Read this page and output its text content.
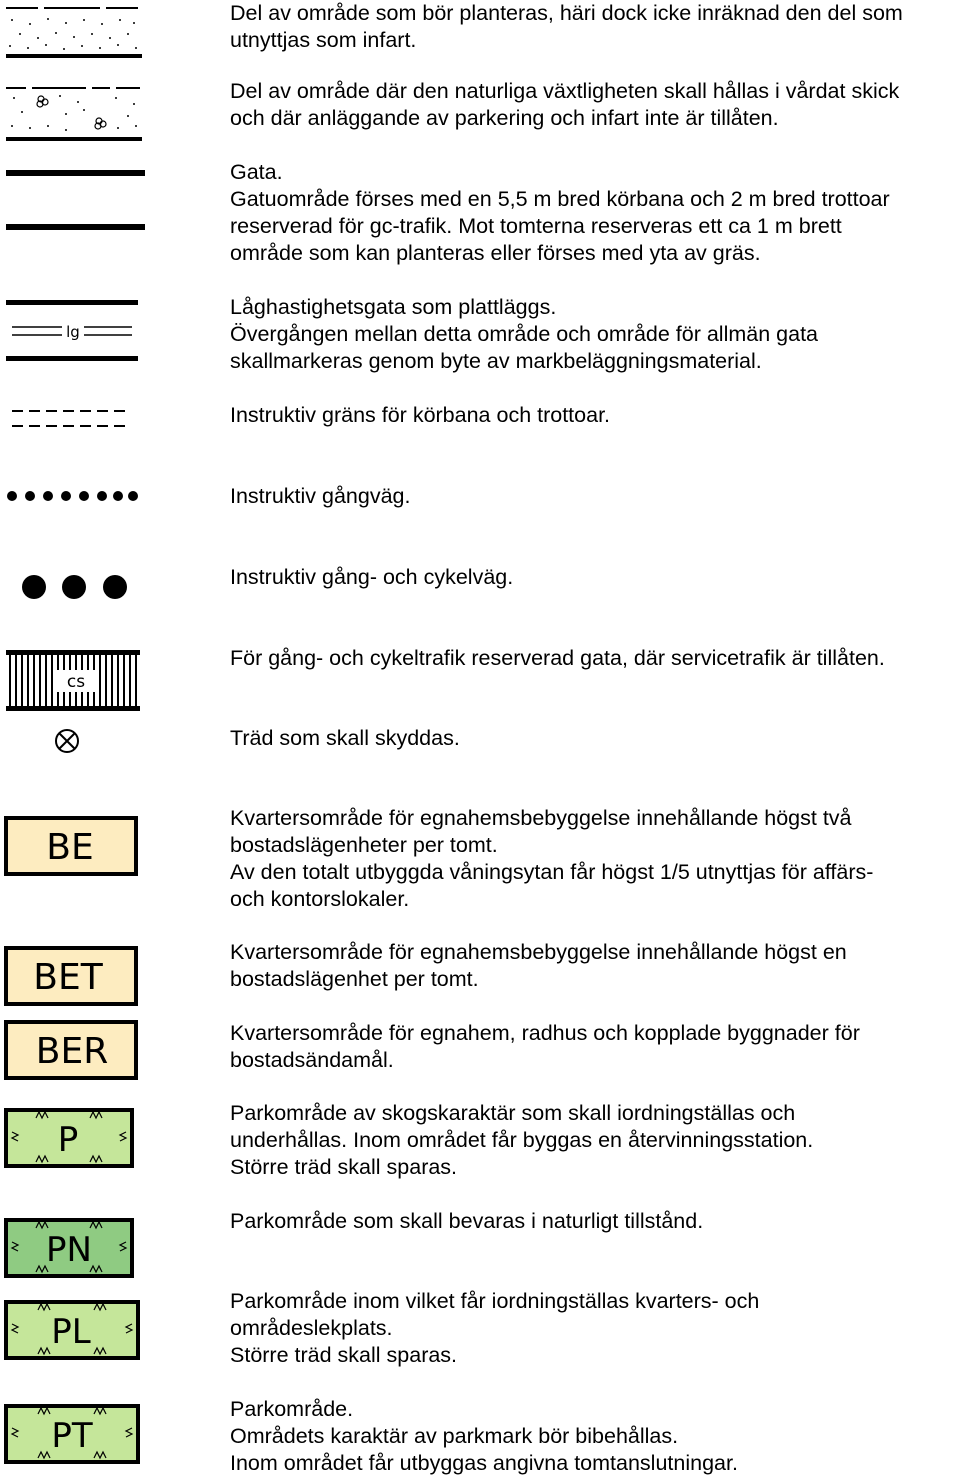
Del av område som bör planteras, häri dock icke inräknad den del som
utnyttjas som infart.
Del av område där den naturliga växtligheten skall hållas i vårdat skick
och där anläggande av parkering och infart inte är tillåten.
Gata.
Gatuområde förses med en 5,5 m bred körbana och 2 m bred trottoar
reserverad för gc-trafik. Mot tomterna reserveras ett ca 1 m brett
område som kan planteras eller förses med yta av gräs.
lg
Låghastighetsgata som plattläggs.
Övergången mellan detta område och område för allmän gata
skallmarkeras genom byte av markbeläggningsmaterial.
Instruktiv gräns för körbana och trottoar.
Instruktiv gångväg.
Instruktiv gång- och cykelväg.
cs
För gång- och cykeltrafik reserverad gata, där servicetrafik är tillåten.
Träd som skall skyddas.
BE
Kvartersområde för egnahemsbebyggelse innehållande högst två
bostadslägenheter per tomt.
Av den totalt utbyggda våningsytan får högst 1/5 utnyttjas för affärs-
och kontorslokaler.
BET
Kvartersområde för egnahemsbebyggelse innehållande högst en
bostadslägenhet per tomt.
BER	Kvartersområde för egnahem, radhus och kopplade byggnader för
bostadsändamål.
P
Parkområde av skogskaraktär som skall iordningställas och
underhållas. Inom området får byggas en återvinningsstation.
Större träd skall sparas.
PN
Parkområde som skall bevaras i naturligt tillstånd.
PL
Parkområde inom vilket får iordningställas kvarters- och
områdeslekplats.
Större träd skall sparas.
PT
Parkområde.
Områdets karaktär av parkmark bör bibehållas.
Inom området får utbyggas angivna tomtanslutningar.
